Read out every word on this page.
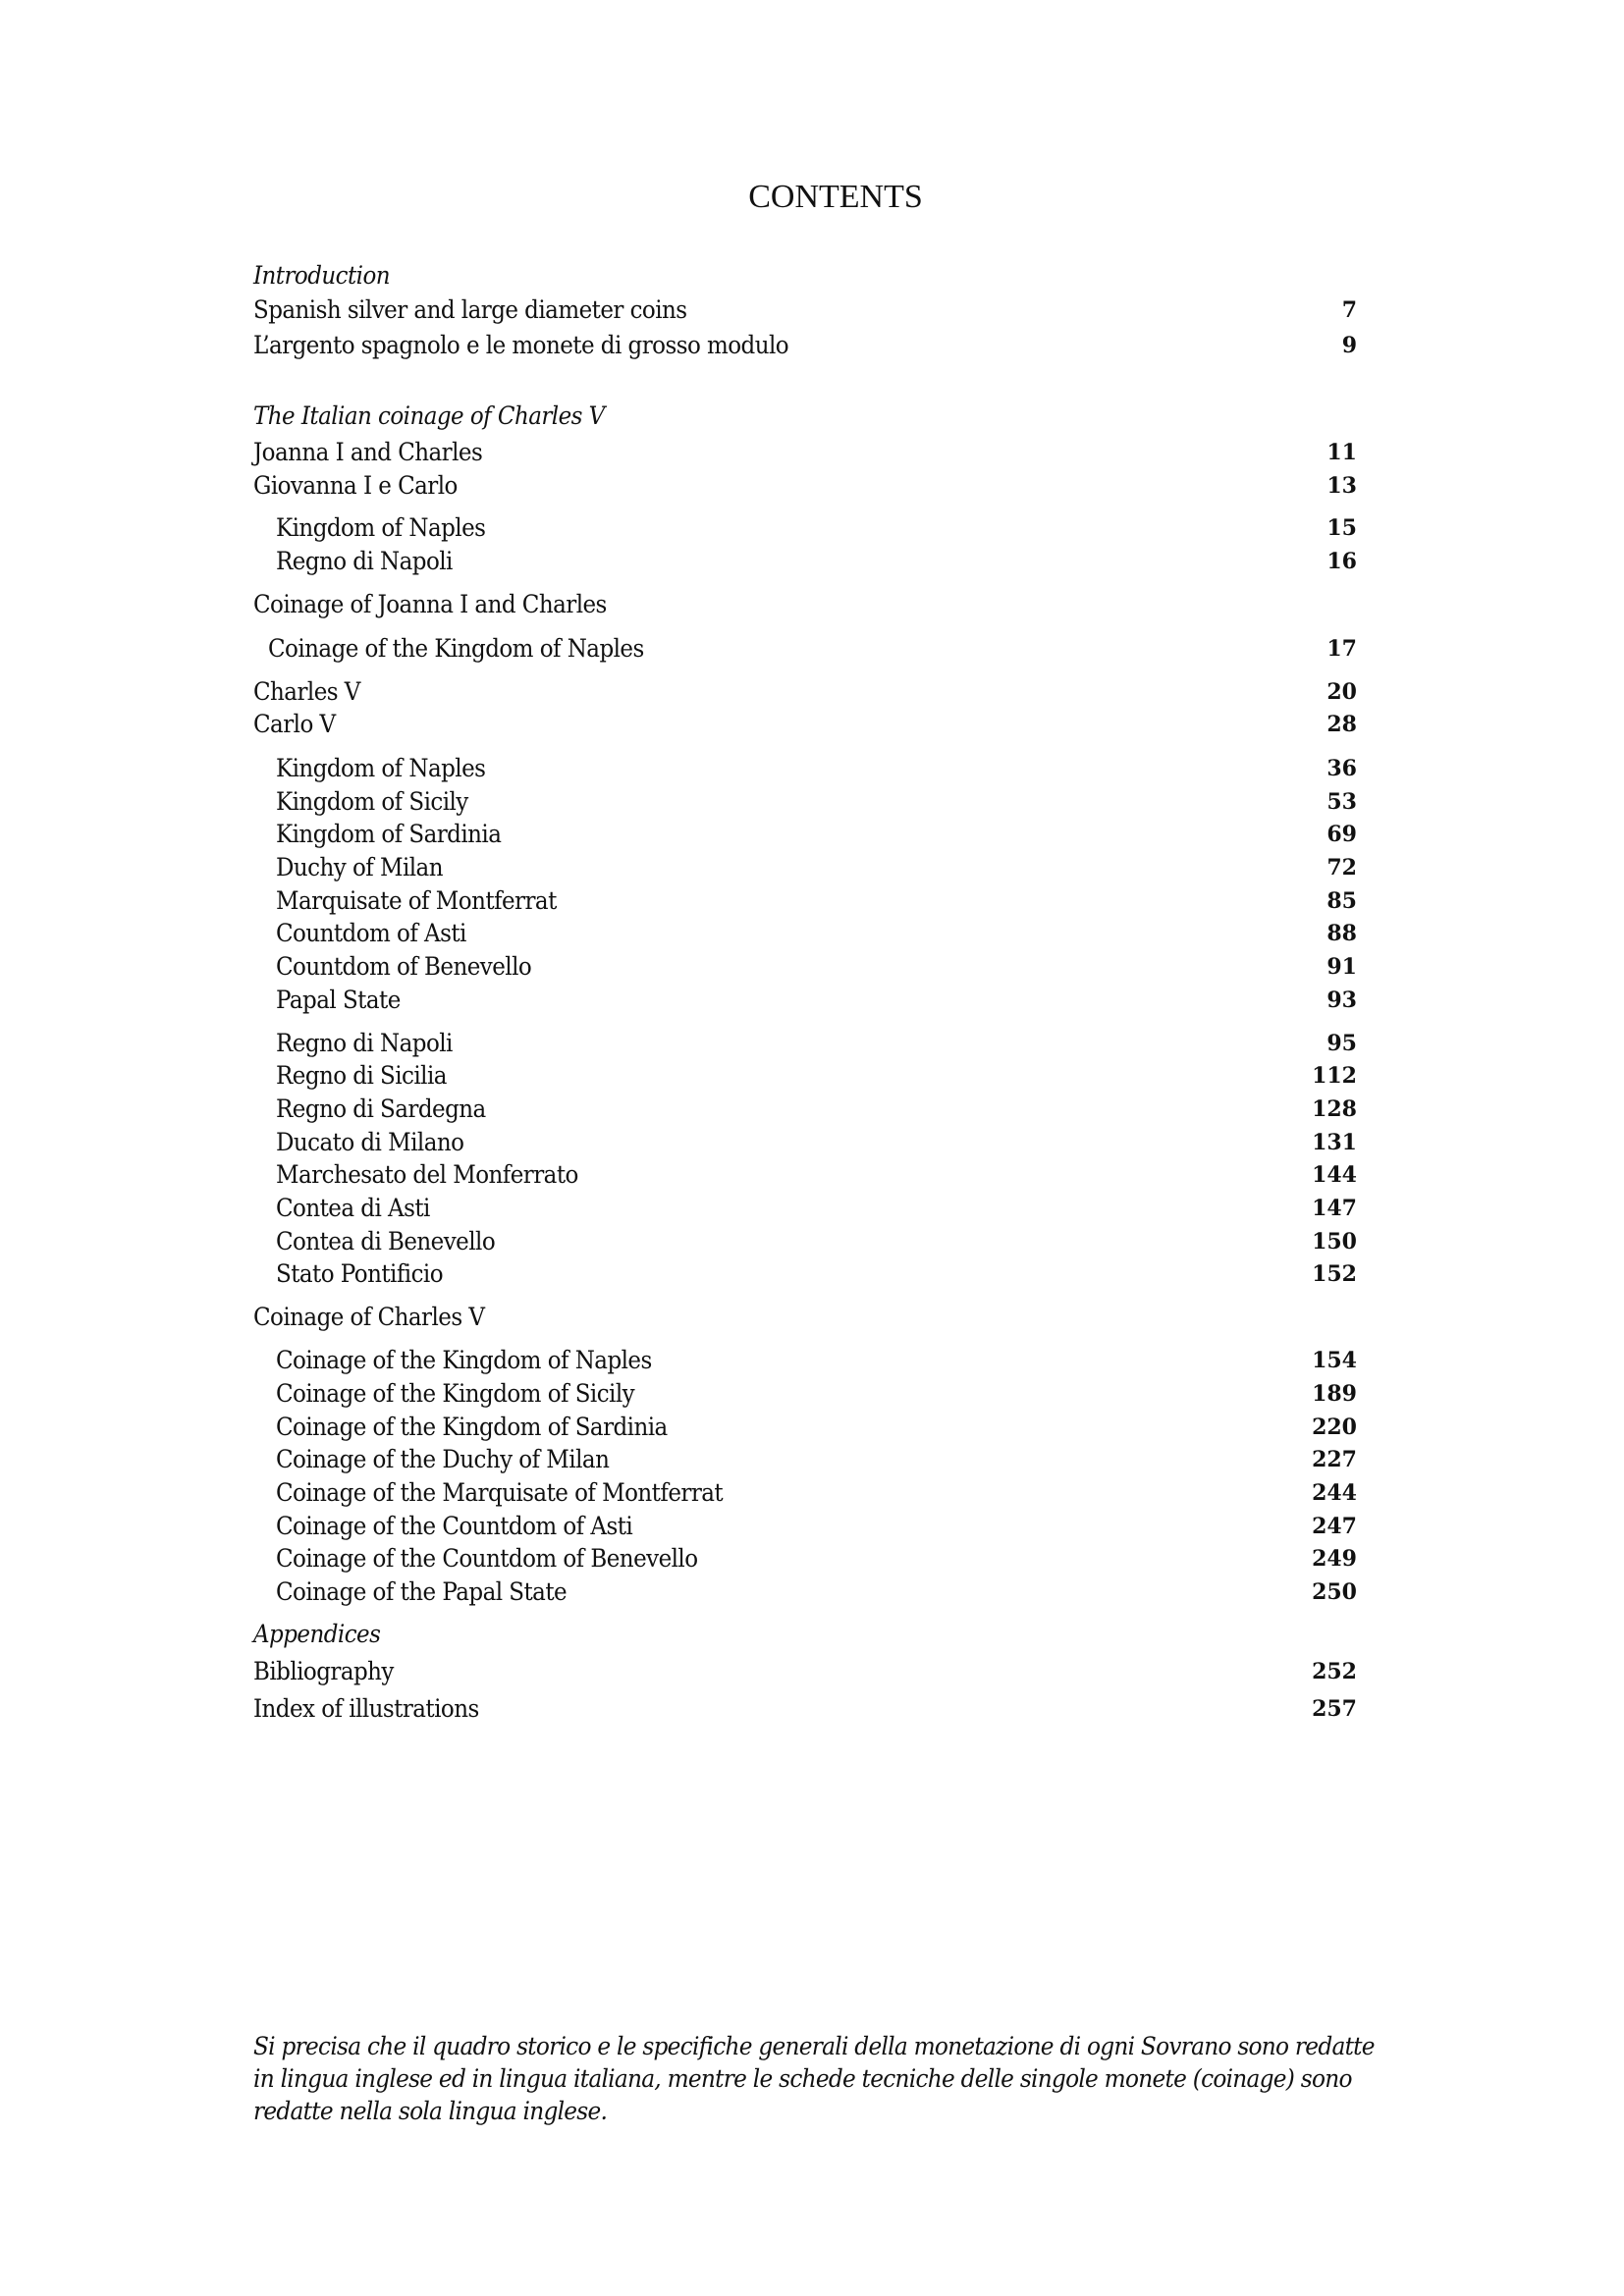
CONTENTS
Introduction
Spanish silver and large diameter coins	7
L’argento spagnolo e le monete di grosso modulo	9
The Italian coinage of Charles V
Joanna I and Charles	11
Giovanna I e Carlo	13
Kingdom of Naples	15
Regno di Napoli	16
Coinage of Joanna I and Charles
Coinage of the Kingdom of Naples	17
Charles V	20
Carlo V	28
Kingdom of Naples	36
Kingdom of Sicily	53
Kingdom of Sardinia	69
Duchy of Milan	72
Marquisate of Montferrat	85
Countdom of Asti	88
Countdom of Benevello	91
Papal State	93
Regno di Napoli	95
Regno di Sicilia	112
Regno di Sardegna	128
Ducato di Milano	131
Marchesato del Monferrato	144
Contea di Asti	147
Contea di Benevello	150
Stato Pontificio	152
Coinage of Charles V
Coinage of the Kingdom of Naples	154
Coinage of the Kingdom of Sicily	189
Coinage of the Kingdom of Sardinia	220
Coinage of the Duchy of Milan	227
Coinage of the Marquisate of Montferrat	244
Coinage of the Countdom of Asti	247
Coinage of the Countdom of Benevello	249
Coinage of the Papal State	250
Appendices
Bibliography	252
Index of illustrations	257

Si precisa che il quadro storico e le specifiche generali della monetazione di ogni Sovrano sono redatte in lingua inglese ed in lingua italiana, mentre le schede tecniche delle singole monete (coinage) sono redatte nella sola lingua inglese.
